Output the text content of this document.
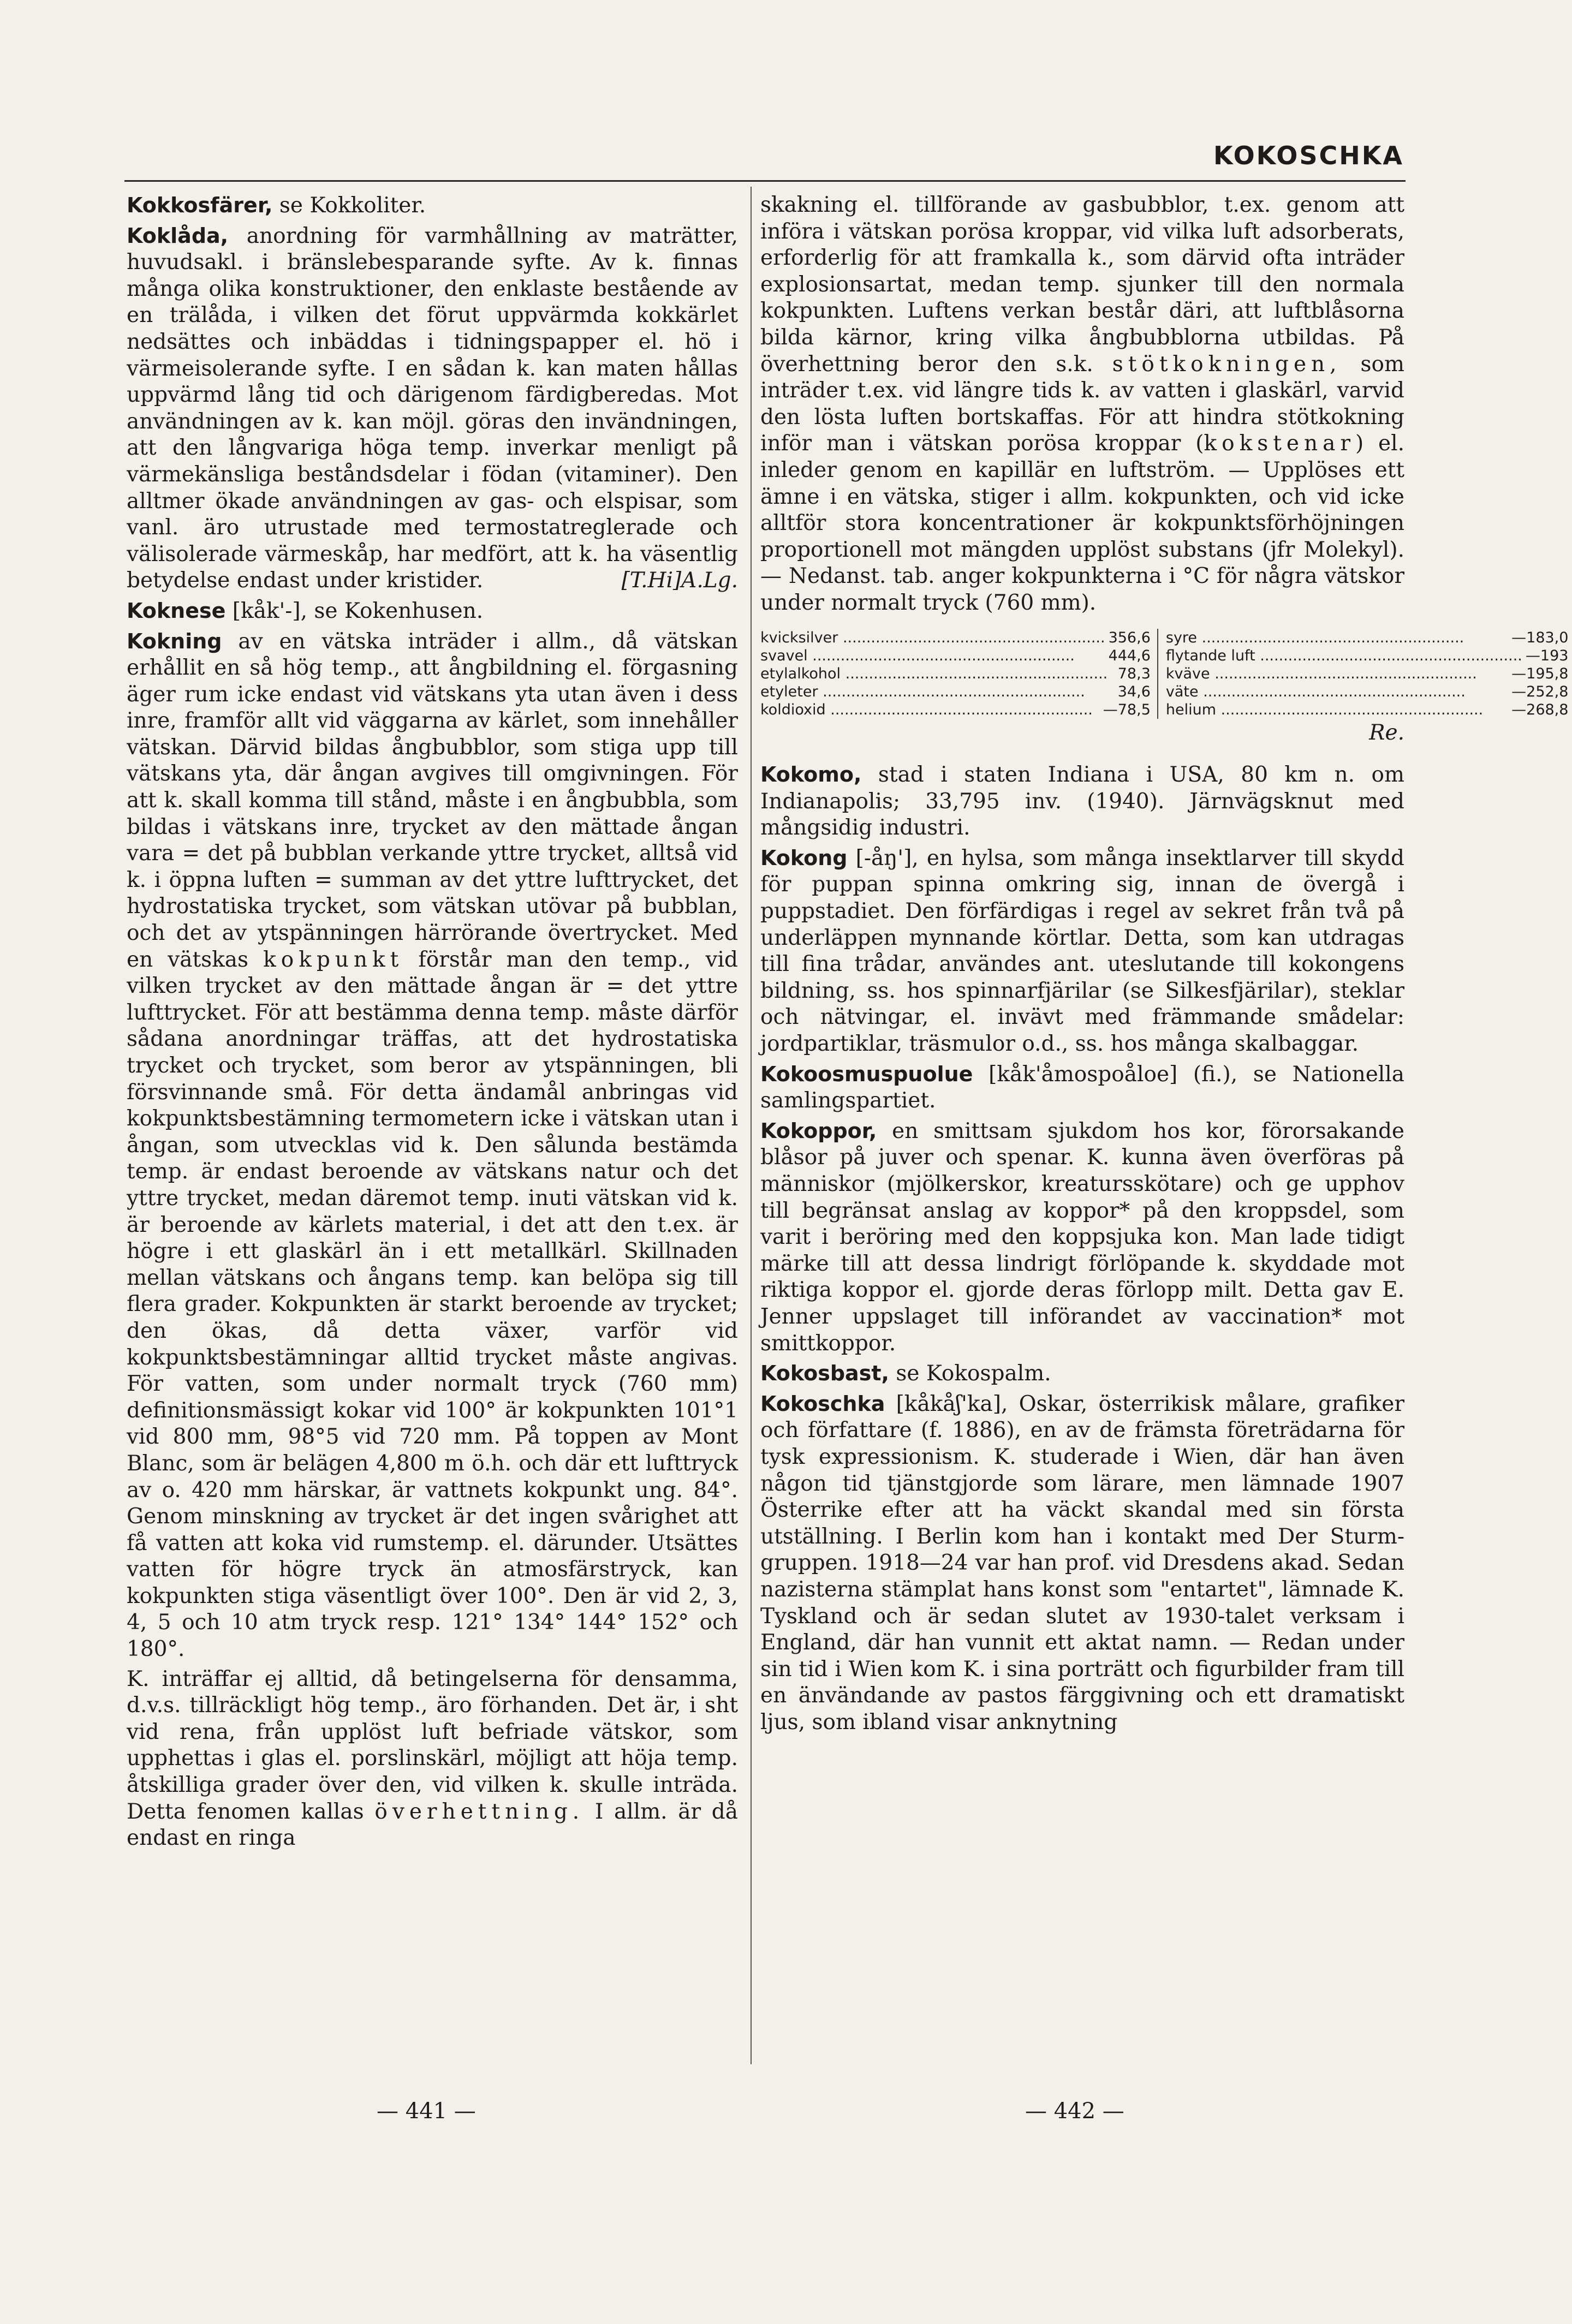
KOKOSCHKA

Kokkosfärer, se Kokkoliter.

Koklåda, anordning för varmhållning av maträtter, huvudsakl. i bränslebesparande syfte. Av k. finnas många olika konstruktioner, den enklaste bestående av en trälåda, i vilken det förut uppvärmda kokkärlet nedsättes och inbäddas i tidningspapper el. hö i värmeisolerande syfte. I en sådan k. kan maten hållas uppvärmd lång tid och därigenom färdigberedas. Mot användningen av k. kan möjl. göras den invändningen, att den långvariga höga temp. inverkar menligt på värmekänsliga beståndsdelar i födan (vitaminer). Den alltmer ökade användningen av gas- och elspisar, som vanl. äro utrustade med termostatreglerade och välisolerade värmeskåp, har medfört, att k. ha väsentlig betydelse endast under kristider.	[T.Hi]A.Lg.

Koknese [kåk'-], se Kokenhusen.

Kokning av en vätska inträder i allm., då vätskan erhållit en så hög temp., att ångbildning el. förgasning äger rum icke endast vid vätskans yta utan även i dess inre, framför allt vid väggarna av kärlet, som innehåller vätskan. Därvid bildas ångbubblor, som stiga upp till vätskans yta, där ångan avgives till omgivningen. För att k. skall komma till stånd, måste i en ångbubbla, som bildas i vätskans inre, trycket av den mättade ångan vara = det på bubblan verkande yttre trycket, alltså vid k. i öppna luften = summan av det yttre lufttrycket, det hydrostatiska trycket, som vätskan utövar på bubblan, och det av ytspänningen härrörande övertrycket. Med en vätskas kokpunkt förstår man den temp., vid vilken trycket av den mättade ångan är = det yttre lufttrycket. För att bestämma denna temp. måste därför sådana anordningar träffas, att det hydrostatiska trycket och trycket, som beror av ytspänningen, bli försvinnande små. För detta ändamål anbringas vid kokpunktsbestämning termometern icke i vätskan utan i ångan, som utvecklas vid k. Den sålunda bestämda temp. är endast beroende av vätskans natur och det yttre trycket, medan däremot temp. inuti vätskan vid k. är beroende av kärlets material, i det att den t.ex. är högre i ett glaskärl än i ett metallkärl. Skillnaden mellan vätskans och ångans temp. kan belöpa sig till flera grader. Kokpunkten är starkt beroende av trycket; den ökas, då detta växer, varför vid kokpunktsbestämningar alltid trycket måste angivas. För vatten, som under normalt tryck (760 mm) definitionsmässigt kokar vid 100° är kokpunkten 101°1 vid 800 mm, 98°5 vid 720 mm. På toppen av Mont Blanc, som är belägen 4,800 m ö.h. och där ett lufttryck av o. 420 mm härskar, är vattnets kokpunkt ung. 84°. Genom minskning av trycket är det ingen svårighet att få vatten att koka vid rumstemp. el. därunder. Utsättes vatten för högre tryck än atmosfärstryck, kan kokpunkten stiga väsentligt över 100°. Den är vid 2, 3, 4, 5 och 10 atm tryck resp. 121° 134° 144° 152° och 180°.

K. inträffar ej alltid, då betingelserna för densamma, d.v.s. tillräckligt hög temp., äro förhanden. Det är, i sht vid rena, från upplöst luft befriade vätskor, som upphettas i glas el. porslinskärl, möjligt att höja temp. åtskilliga grader över den, vid vilken k. skulle inträda. Detta fenomen kallas överhettning. I allm. är då endast en ringa

skakning el. tillförande av gasbubblor, t.ex. genom att införa i vätskan porösa kroppar, vid vilka luft adsorberats, erforderlig för att framkalla k., som därvid ofta inträder explosionsartat, medan temp. sjunker till den normala kokpunkten. Luftens verkan består däri, att luftblåsorna bilda kärnor, kring vilka ångbubblorna utbildas. På överhettning beror den s.k. stötkokningen, som inträder t.ex. vid längre tids k. av vatten i glaskärl, varvid den lösta luften bortskaffas. För att hindra stötkokning inför man i vätskan porösa kroppar (kokstenar) el. inleder genom en kapillär en luftström. — Upplöses ett ämne i en vätska, stiger i allm. kokpunkten, och vid icke alltför stora koncentrationer är kokpunktsförhöjningen proportionell mot mängden upplöst substans (jfr Molekyl). — Nedanst. tab. anger kokpunkterna i °C för några vätskor under normalt tryck (760 mm).

kvicksilver .....	356,6
svavel .....	444,6
etylalkohol .....	78,3
etyleter .....	34,6
koldioxid .....	—78,5
syre .....	—183,0
flytande luft .....	—193
kväve .....	—195,8
väte .....	—252,8
helium .....	—268,8
Re.

Kokomo, stad i staten Indiana i USA, 80 km n. om Indianapolis; 33,795 inv. (1940). Järnvägsknut med mångsidig industri.

Kokong [-åŋ'], en hylsa, som många insektlarver till skydd för puppan spinna omkring sig, innan de övergå i puppstadiet. Den förfärdigas i regel av sekret från två på underläppen mynnande körtlar. Detta, som kan utdragas till fina trådar, användes ant. uteslutande till kokongens bildning, ss. hos spinnarfjärilar (se Silkesfjärilar), steklar och nätvingar, el. invävt med främmande smådelar: jordpartiklar, träsmulor o.d., ss. hos många skalbaggar.

Kokoosmuspuolue [kåk'åmospoåloe] (fi.), se Nationella samlingspartiet.

Kokoppor, en smittsam sjukdom hos kor, förorsakande blåsor på juver och spenar. K. kunna även överföras på människor (mjölkerskor, kreatursskötare) och ge upphov till begränsat anslag av koppor* på den kroppsdel, som varit i beröring med den koppsjuka kon. Man lade tidigt märke till att dessa lindrigt förlöpande k. skyddade mot riktiga koppor el. gjorde deras förlopp milt. Detta gav E. Jenner uppslaget till införandet av vaccination* mot smittkoppor.

Kokosbast, se Kokospalm.

Kokoschka [kåkåʃ'ka], Oskar, österrikisk målare, grafiker och författare (f. 1886), en av de främsta företrädarna för tysk expressionism. K. studerade i Wien, där han även någon tid tjänstgjorde som lärare, men lämnade 1907 Österrike efter att ha väckt skandal med sin första utställning. I Berlin kom han i kontakt med Der Sturm-gruppen. 1918—24 var han prof. vid Dresdens akad. Sedan nazisterna stämplat hans konst som "entartet", lämnade K. Tyskland och är sedan slutet av 1930-talet verksam i England, där han vunnit ett aktat namn. — Redan under sin tid i Wien kom K. i sina porträtt och figurbilder fram till en änvändande av pastos färggivning och ett dramatiskt ljus, som ibland visar anknytning

— 441 —	— 442 —
